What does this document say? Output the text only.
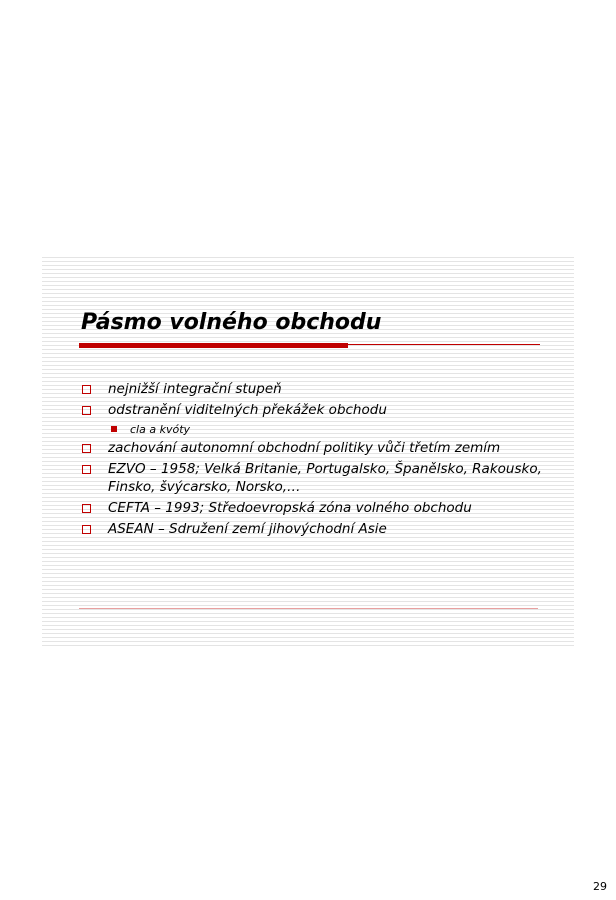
Pásmo volného obchodu
nejnižší integrační stupeň
odstranění viditelných překážek obchodu
cla a kvóty
zachování autonomní obchodní politiky vůči třetím zemím
EZVO – 1958; Velká Britanie, Portugalsko, Španělsko, Rakousko, Finsko, švýcarsko, Norsko,…
CEFTA – 1993; Středoevropská zóna volného obchodu
ASEAN – Sdružení zemí jihovýchodní Asie
29
